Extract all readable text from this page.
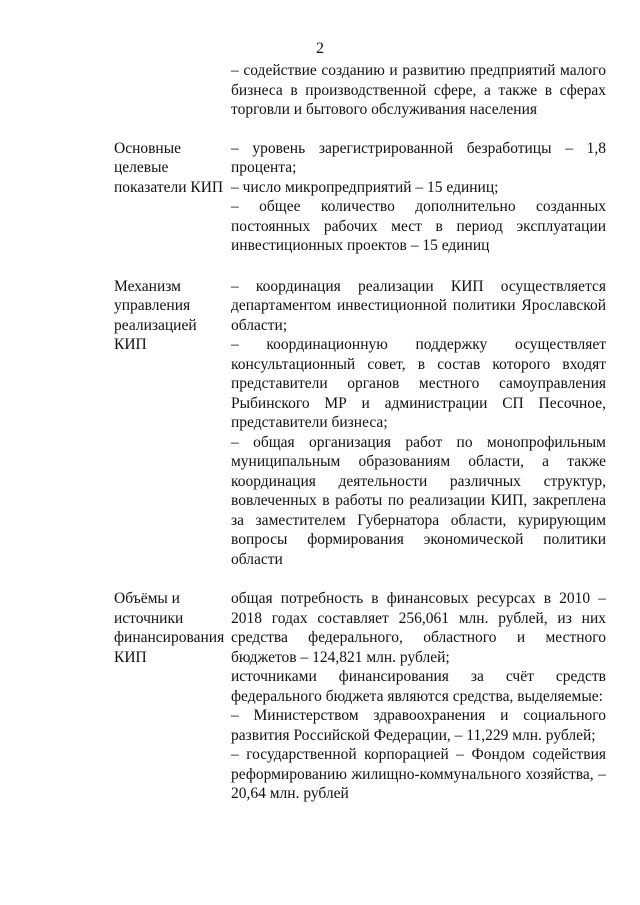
2
– содействие созданию и развитию предприятий малого бизнеса в производственной сфере, а также в сферах торговли и бытового обслуживания населения
Основные целевые показатели КИП
– уровень зарегистрированной безработицы – 1,8 процента;
– число микропредприятий – 15 единиц;
– общее количество дополнительно созданных постоянных рабочих мест в период эксплуатации инвестиционных проектов – 15 единиц
Механизм управления реализацией КИП
– координация реализации КИП осуществляется департаментом инвестиционной политики Ярославской области;
– координационную поддержку осуществляет консультационный совет, в состав которого входят представители органов местного самоуправления Рыбинского МР и администрации СП Песочное, представители бизнеса;
– общая организация работ по монопрофильным муниципальным образованиям области, а также координация деятельности различных структур, вовлеченных в работы по реализации КИП, закреплена за заместителем Губернатора области, курирующим вопросы формирования экономической политики области
Объёмы и источники финансирования КИП
общая потребность в финансовых ресурсах в 2010 – 2018 годах составляет 256,061 млн. рублей, из них средства федерального, областного и местного бюджетов – 124,821 млн. рублей;
источниками финансирования за счёт средств федерального бюджета являются средства, выделяемые:
– Министерством здравоохранения и социального развития Российской Федерации, – 11,229 млн. рублей;
– государственной корпорацией – Фондом содействия реформированию жилищно-коммунального хозяйства, – 20,64 млн. рублей
